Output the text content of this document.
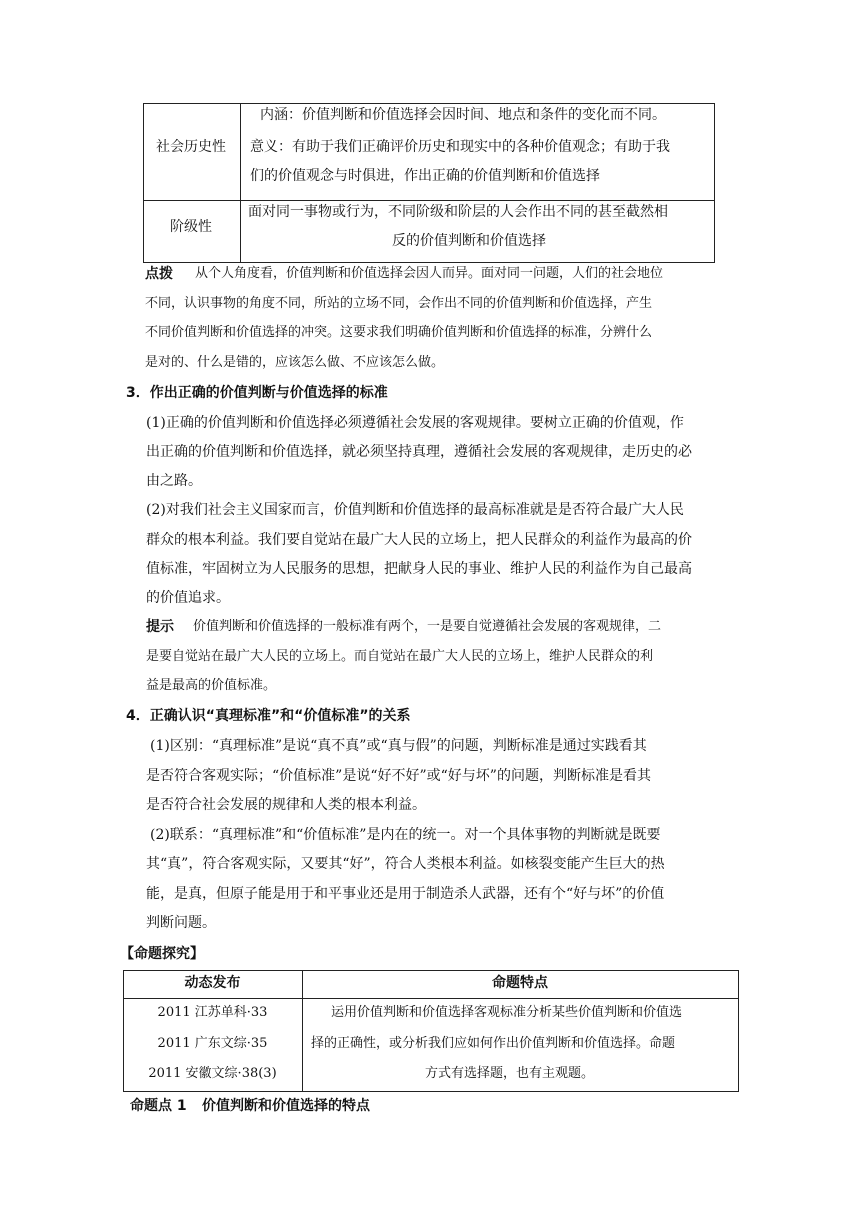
社会历史性
内涵：价值判断和价值选择会因时间、地点和条件的变化而不同。
意义：有助于我们正确评价历史和现实中的各种价值观念；有助于我
们的价值观念与时俱进，作出正确的价值判断和价值选择
阶级性
面对同一事物或行为，不同阶级和阶层的人会作出不同的甚至截然相
反的价值判断和价值选择
点拨 从个人角度看，价值判断和价值选择会因人而异。面对同一问题，人们的社会地位
不同，认识事物的角度不同，所站的立场不同，会作出不同的价值判断和价值选择，产生
不同价值判断和价值选择的冲突。这要求我们明确价值判断和价值选择的标准，分辨什么
是对的、什么是错的，应该怎么做、不应该怎么做。
3．作出正确的价值判断与价值选择的标准
(1)正确的价值判断和价值选择必须遵循社会发展的客观规律。要树立正确的价值观，作
出正确的价值判断和价值选择，就必须坚持真理，遵循社会发展的客观规律，走历史的必
由之路。
(2)对我们社会主义国家而言，价值判断和价值选择的最高标准就是是否符合最广大人民
群众的根本利益。我们要自觉站在最广大人民的立场上，把人民群众的利益作为最高的价
值标准，牢固树立为人民服务的思想，把献身人民的事业、维护人民的利益作为自己最高
的价值追求。
提示 价值判断和价值选择的一般标准有两个，一是要自觉遵循社会发展的客观规律，二
是要自觉站在最广大人民的立场上。而自觉站在最广大人民的立场上，维护人民群众的利
益是最高的价值标准。
4．正确认识“真理标准”和“价值标准”的关系
(1)区别：“真理标准”是说“真不真”或“真与假”的问题，判断标准是通过实践看其
是否符合客观实际；“价值标准”是说“好不好”或“好与坏”的问题，判断标准是看其
是否符合社会发展的规律和人类的根本利益。
(2)联系：“真理标准”和“价值标准”是内在的统一。对一个具体事物的判断就是既要
其“真”，符合客观实际，又要其“好”，符合人类根本利益。如核裂变能产生巨大的热
能，是真，但原子能是用于和平事业还是用于制造杀人武器，还有个“好与坏”的价值
判断问题。
【命题探究】
动态发布	命题特点
2011 江苏单科·33
2011 广东文综·35
2011 安徽文综·38(3)
运用价值判断和价值选择客观标准分析某些价值判断和价值选
择的正确性，或分析我们应如何作出价值判断和价值选择。命题
方式有选择题，也有主观题。
命题点 1 价值判断和价值选择的特点
